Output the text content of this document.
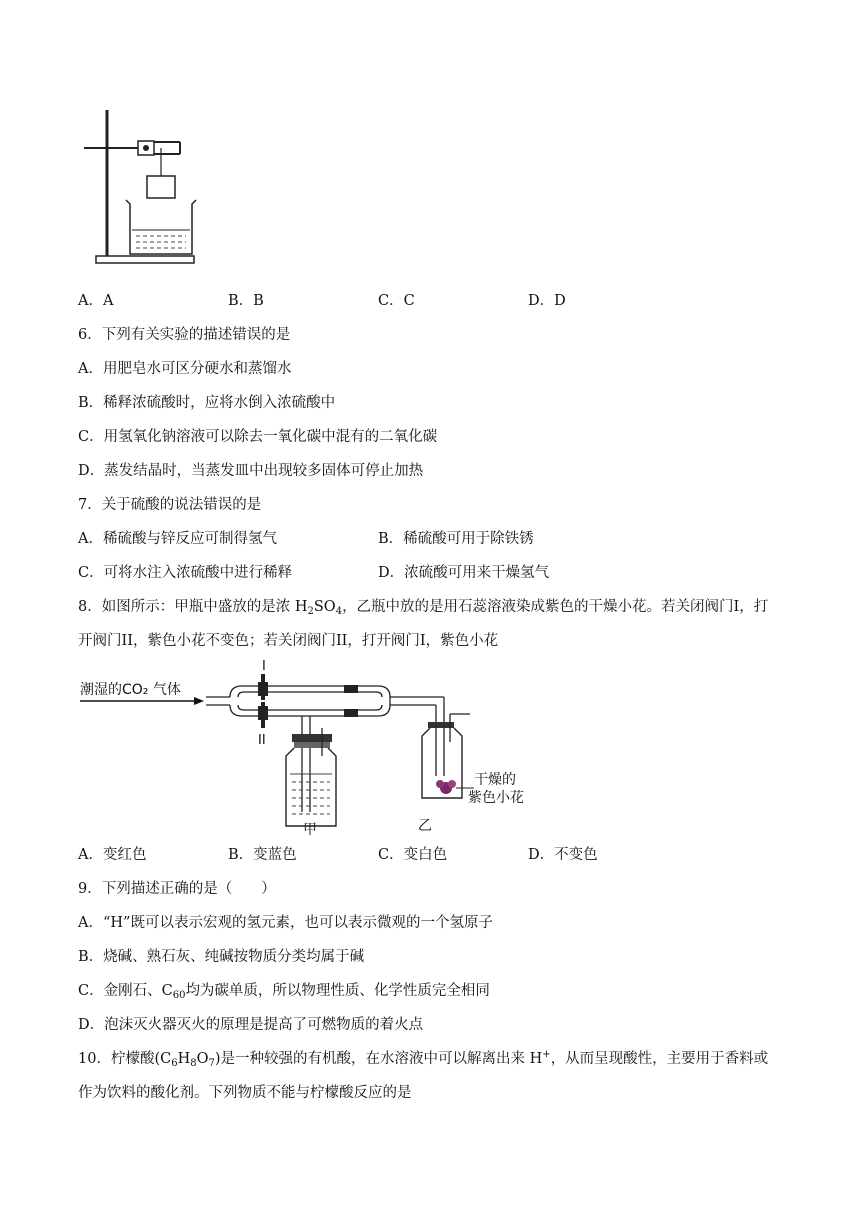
A．A	B．B	C．C	D．D
6．下列有关实验的描述错误的是
A．用肥皂水可区分硬水和蒸馏水
B．稀释浓硫酸时，应将水倒入浓硫酸中
C．用氢氧化钠溶液可以除去一氧化碳中混有的二氧化碳
D．蒸发结晶时，当蒸发皿中出现较多固体可停止加热
7．关于硫酸的说法错误的是
A．稀硫酸与锌反应可制得氢气	B．稀硫酸可用于除铁锈
C．可将水注入浓硫酸中进行稀释	D．浓硫酸可用来干燥氢气
8．如图所示：甲瓶中盛放的是浓 $H_2SO_4$，乙瓶中放的是用石蕊溶液染成紫色的干燥小花。若关闭阀门I，打
开阀门II，紫色小花不变色；若关闭阀门II，打开阀门I，紫色小花
潮湿的CO₂ 气体
I
II
甲	乙
干燥的
紫色小花
A．变红色	B．变蓝色	C．变白色	D．不变色
9．下列描述正确的是（　　）
A．“H”既可以表示宏观的氢元素，也可以表示微观的一个氢原子
B．烧碱、熟石灰、纯碱按物质分类均属于碱
C．金刚石、$C_{60}$均为碳单质，所以物理性质、化学性质完全相同
D．泡沫灭火器灭火的原理是提高了可燃物质的着火点
10．柠檬酸$(C_6H_8O_7)$是一种较强的有机酸，在水溶液中可以解离出来 H+，从而呈现酸性，主要用于香料或
作为饮料的酸化剂。下列物质不能与柠檬酸反应的是
